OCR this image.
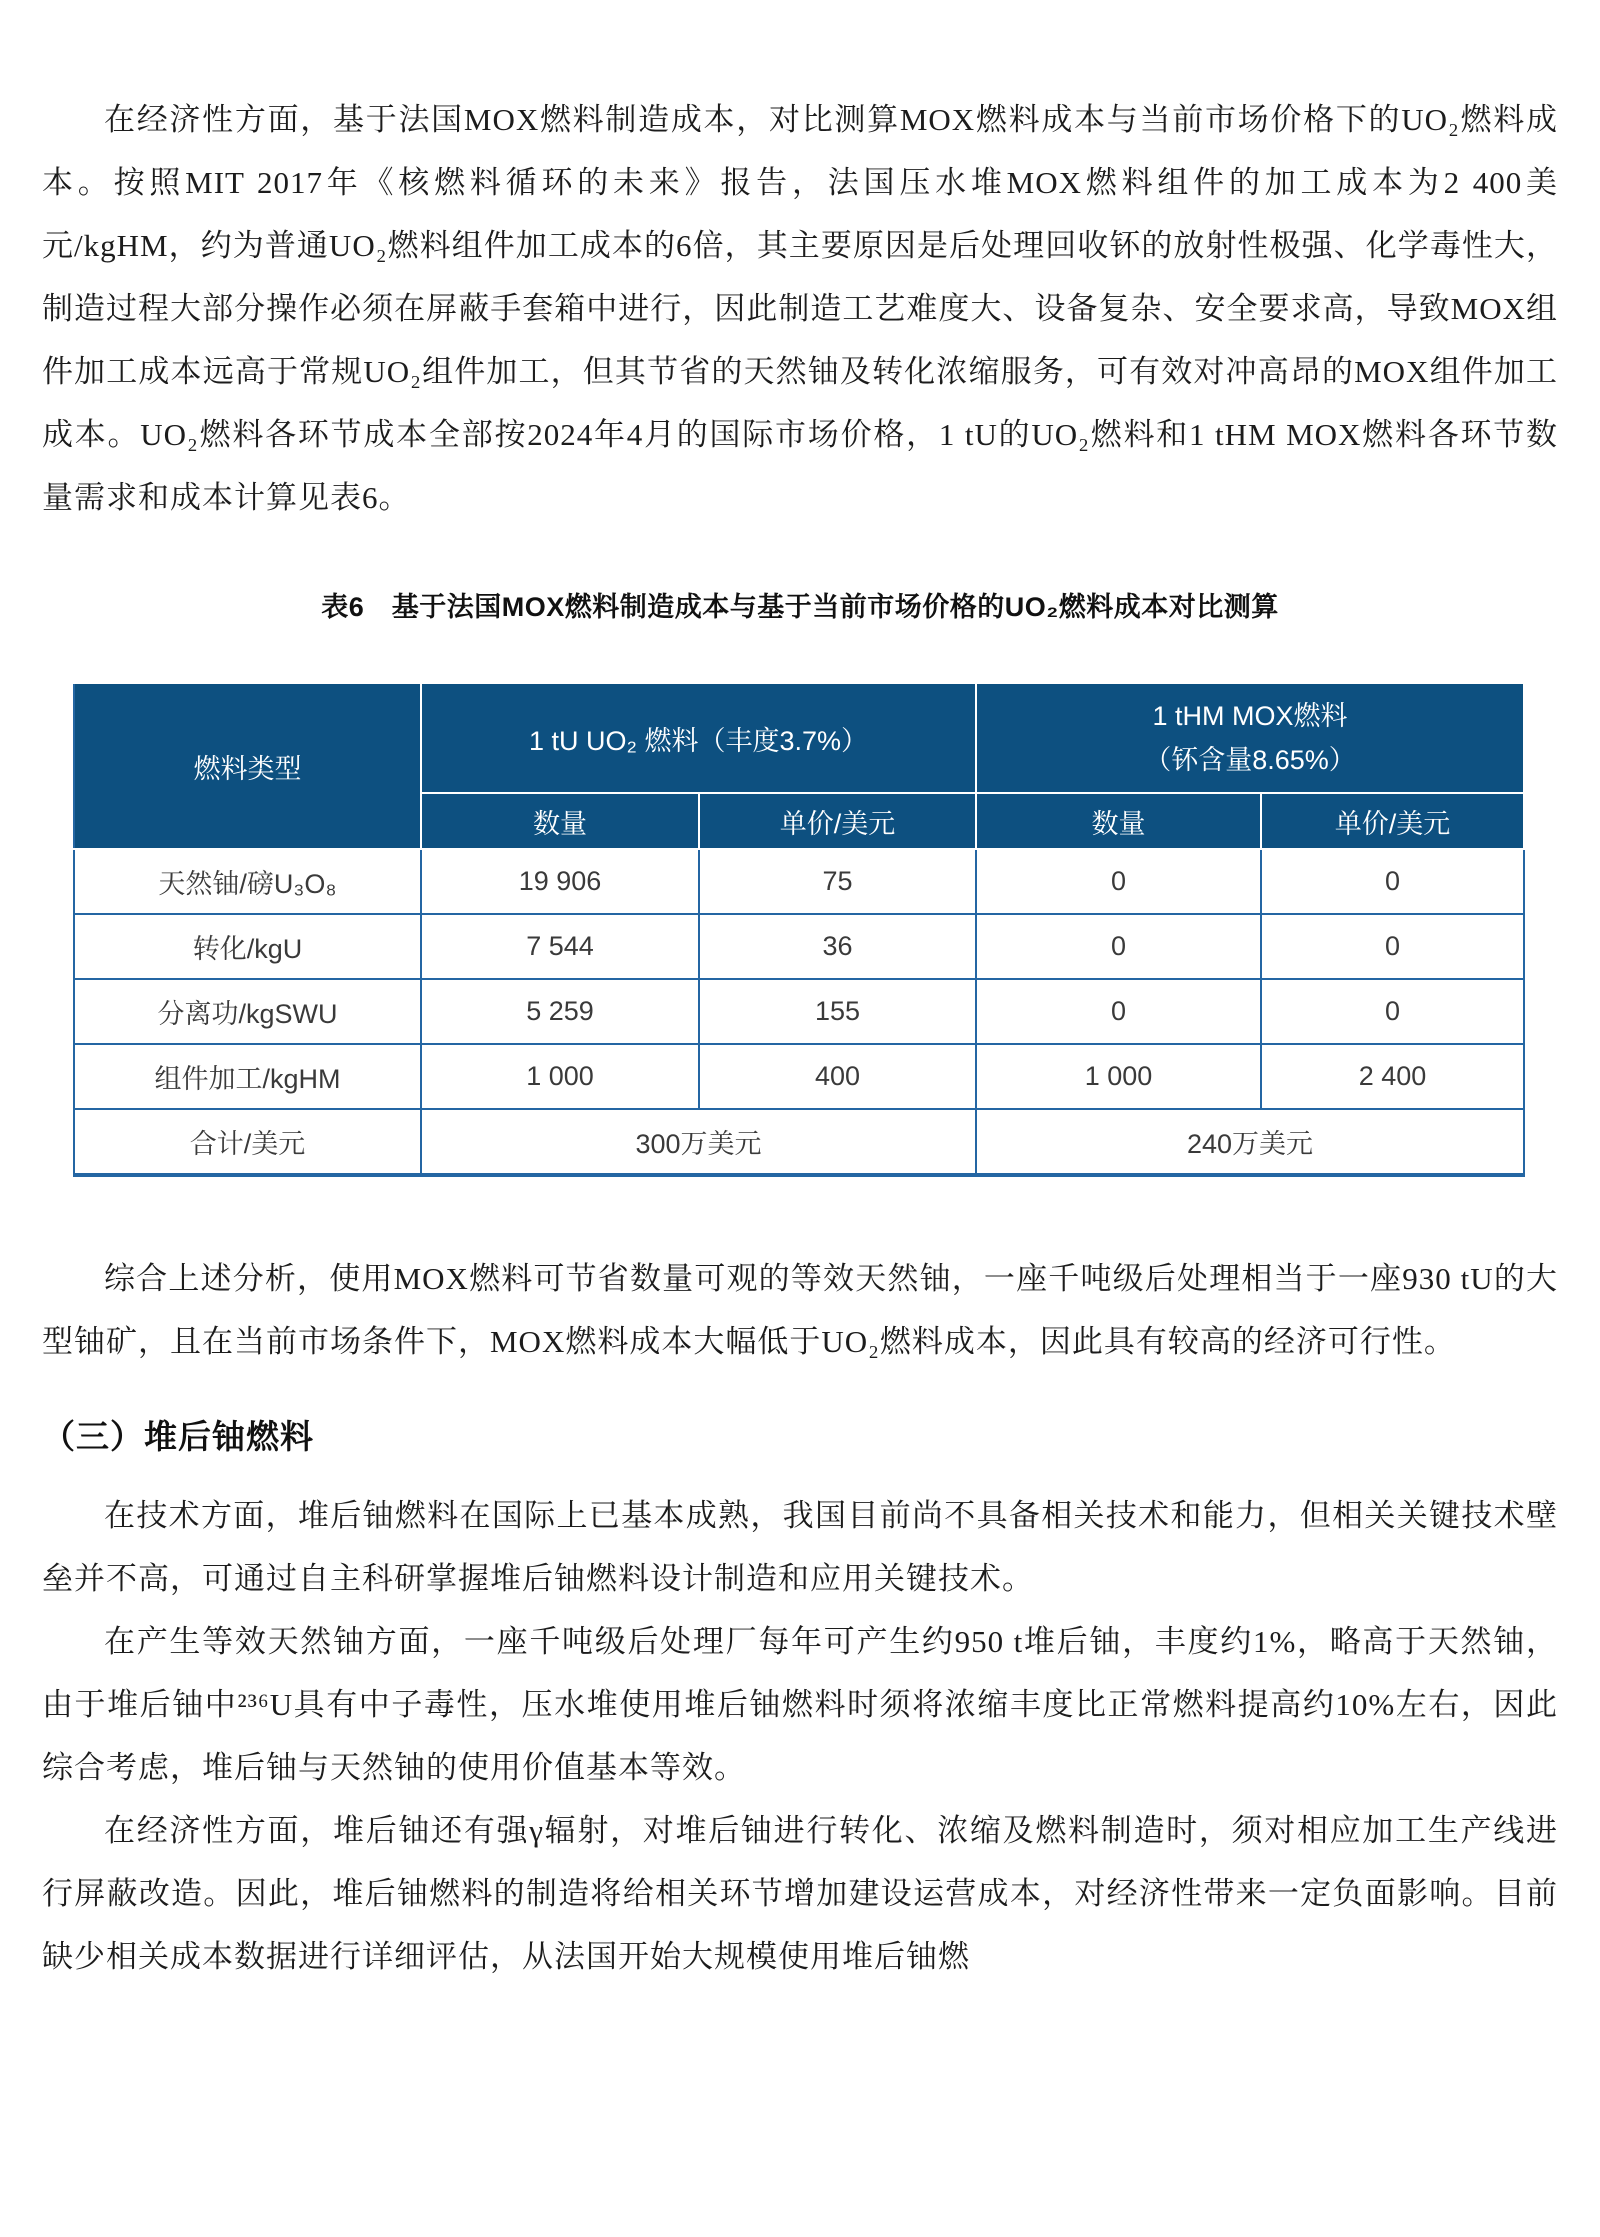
在经济性方面，基于法国MOX燃料制造成本，对比测算MOX燃料成本与当前市场价格下的UO₂燃料成本。按照MIT 2017年《核燃料循环的未来》报告，法国压水堆MOX燃料组件的加工成本为2 400美元/kgHM，约为普通UO₂燃料组件加工成本的6倍，其主要原因是后处理回收钚的放射性极强、化学毒性大，制造过程大部分操作必须在屏蔽手套箱中进行，因此制造工艺难度大、设备复杂、安全要求高，导致MOX组件加工成本远高于常规UO₂组件加工，但其节省的天然铀及转化浓缩服务，可有效对冲高昂的MOX组件加工成本。UO₂燃料各环节成本全部按2024年4月的国际市场价格，1 tU的UO₂燃料和1 tHM MOX燃料各环节数量需求和成本计算见表6。

表6　基于法国MOX燃料制造成本与基于当前市场价格的UO₂燃料成本对比测算
燃料类型	1 tU UO₂ 燃料（丰度3.7%）		1 tHM MOX燃料
（钚含量8.65%）	

	数量	单价/美元	数量	单价/美元
天然铀/磅U₃O₈	19 906	75	0	0
转化/kgU	7 544	36	0	0
分离功/kgSWU	5 259	155	0	0
组件加工/kgHM	1 000	400	1 000	2 400
合计/美元	300万美元		240万美元	

综合上述分析，使用MOX燃料可节省数量可观的等效天然铀，一座千吨级后处理相当于一座930 tU的大型铀矿，且在当前市场条件下，MOX燃料成本大幅低于UO₂燃料成本，因此具有较高的经济可行性。

（三）堆后铀燃料

在技术方面，堆后铀燃料在国际上已基本成熟，我国目前尚不具备相关技术和能力，但相关关键技术壁垒并不高，可通过自主科研掌握堆后铀燃料设计制造和应用关键技术。

在产生等效天然铀方面，一座千吨级后处理厂每年可产生约950 t堆后铀，丰度约1%，略高于天然铀，由于堆后铀中²³⁶U具有中子毒性，压水堆使用堆后铀燃料时须将浓缩丰度比正常燃料提高约10%左右，因此综合考虑，堆后铀与天然铀的使用价值基本等效。

在经济性方面，堆后铀还有强γ辐射，对堆后铀进行转化、浓缩及燃料制造时，须对相应加工生产线进行屏蔽改造。因此，堆后铀燃料的制造将给相关环节增加建设运营成本，对经济性带来一定负面影响。目前缺少相关成本数据进行详细评估，从法国开始大规模使用堆后铀燃
